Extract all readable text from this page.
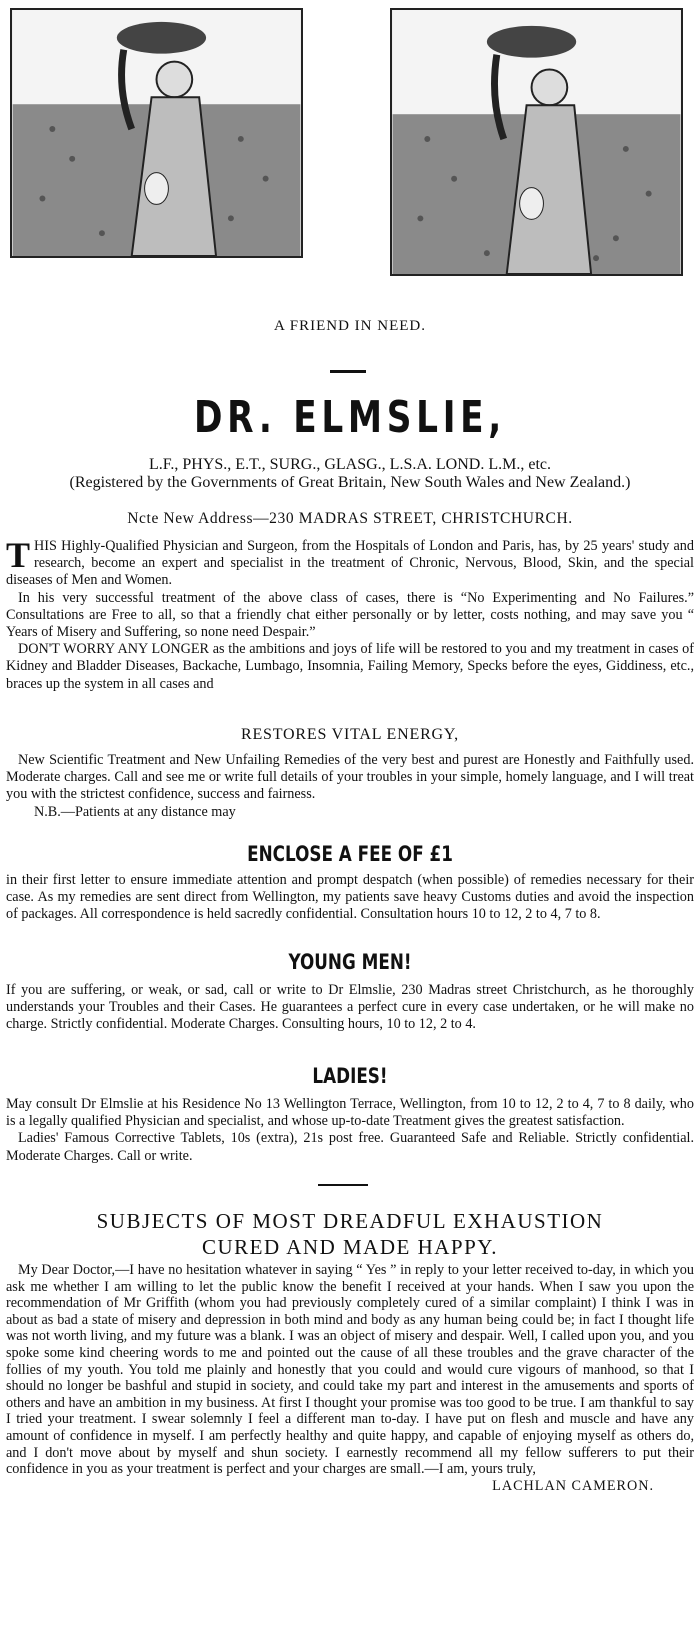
A FRIEND IN NEED.
DR. ELMSLIE,
L.F., PHYS., E.T., SURG., GLASG., L.S.A. LOND. L.M., etc.
(Registered by the Governments of Great Britain, New South Wales and New Zealand.)
Ncte New Address—230 MADRAS STREET, CHRISTCHURCH.

THIS Highly-Qualified Physician and Surgeon, from the Hospitals of London and Paris, has, by 25 years' study and research, become an expert and specialist in the treatment of Chronic, Nervous, Blood, Skin, and the special diseases of Men and Women.

In his very successful treatment of the above class of cases, there is “No Experimenting and No Failures.” Consultations are Free to all, so that a friendly chat either personally or by letter, costs nothing, and may save you “ Years of Misery and Suffering, so none need Despair.”

DON'T WORRY ANY LONGER as the ambitions and joys of life will be restored to you and my treatment in cases of Kidney and Bladder Diseases, Backache, Lumbago, Insomnia, Failing Memory, Specks before the eyes, Giddiness, etc., braces up the system in all cases and

RESTORES VITAL ENERGY,

New Scientific Treatment and New Unfailing Remedies of the very best and purest are Honestly and Faithfully used. Moderate charges. Call and see me or write full details of your troubles in your simple, homely language, and I will treat you with the strictest confidence, success and fairness.

N.B.—Patients at any distance may

ENCLOSE A FEE OF £1

in their first letter to ensure immediate attention and prompt despatch (when possible) of remedies necessary for their case. As my remedies are sent direct from Wellington, my patients save heavy Customs duties and avoid the inspection of packages. All correspondence is held sacredly confidential. Consultation hours 10 to 12, 2 to 4, 7 to 8.

YOUNG MEN!

If you are suffering, or weak, or sad, call or write to Dr Elmslie, 230 Madras street Christchurch, as he thoroughly understands your Troubles and their Cases. He guarantees a perfect cure in every case undertaken, or he will make no charge. Strictly confidential. Moderate Charges. Consulting hours, 10 to 12, 2 to 4.

LADIES!

May consult Dr Elmslie at his Residence No 13 Wellington Terrace, Wellington, from 10 to 12, 2 to 4, 7 to 8 daily, who is a legally qualified Physician and specialist, and whose up-to-date Treatment gives the greatest satisfaction.

Ladies' Famous Corrective Tablets, 10s (extra), 21s post free. Guaranteed Safe and Reliable. Strictly confidential. Moderate Charges. Call or write.

SUBJECTS OF MOST DREADFUL EXHAUSTION
CURED AND MADE HAPPY.

My Dear Doctor,—I have no hesitation whatever in saying “ Yes ” in reply to your letter received to-day, in which you ask me whether I am willing to let the public know the benefit I received at your hands. When I saw you upon the recommendation of Mr Griffith (whom you had previously completely cured of a similar complaint) I think I was in about as bad a state of misery and depression in both mind and body as any human being could be; in fact I thought life was not worth living, and my future was a blank. I was an object of misery and despair. Well, I called upon you, and you spoke some kind cheering words to me and pointed out the cause of all these troubles and the grave character of the follies of my youth. You told me plainly and honestly that you could and would cure vigours of manhood, so that I should no longer be bashful and stupid in society, and could take my part and interest in the amusements and sports of others and have an ambition in my business. At first I thought your promise was too good to be true. I am thankful to say I tried your treatment. I swear solemnly I feel a different man to-day. I have put on flesh and muscle and have any amount of confidence in myself. I am perfectly healthy and quite happy, and capable of enjoying myself as others do, and I don't move about by myself and shun society. I earnestly recommend all my fellow sufferers to put their confidence in you as your treatment is perfect and your charges are small.—I am, yours truly,

LACHLAN CAMERON.
